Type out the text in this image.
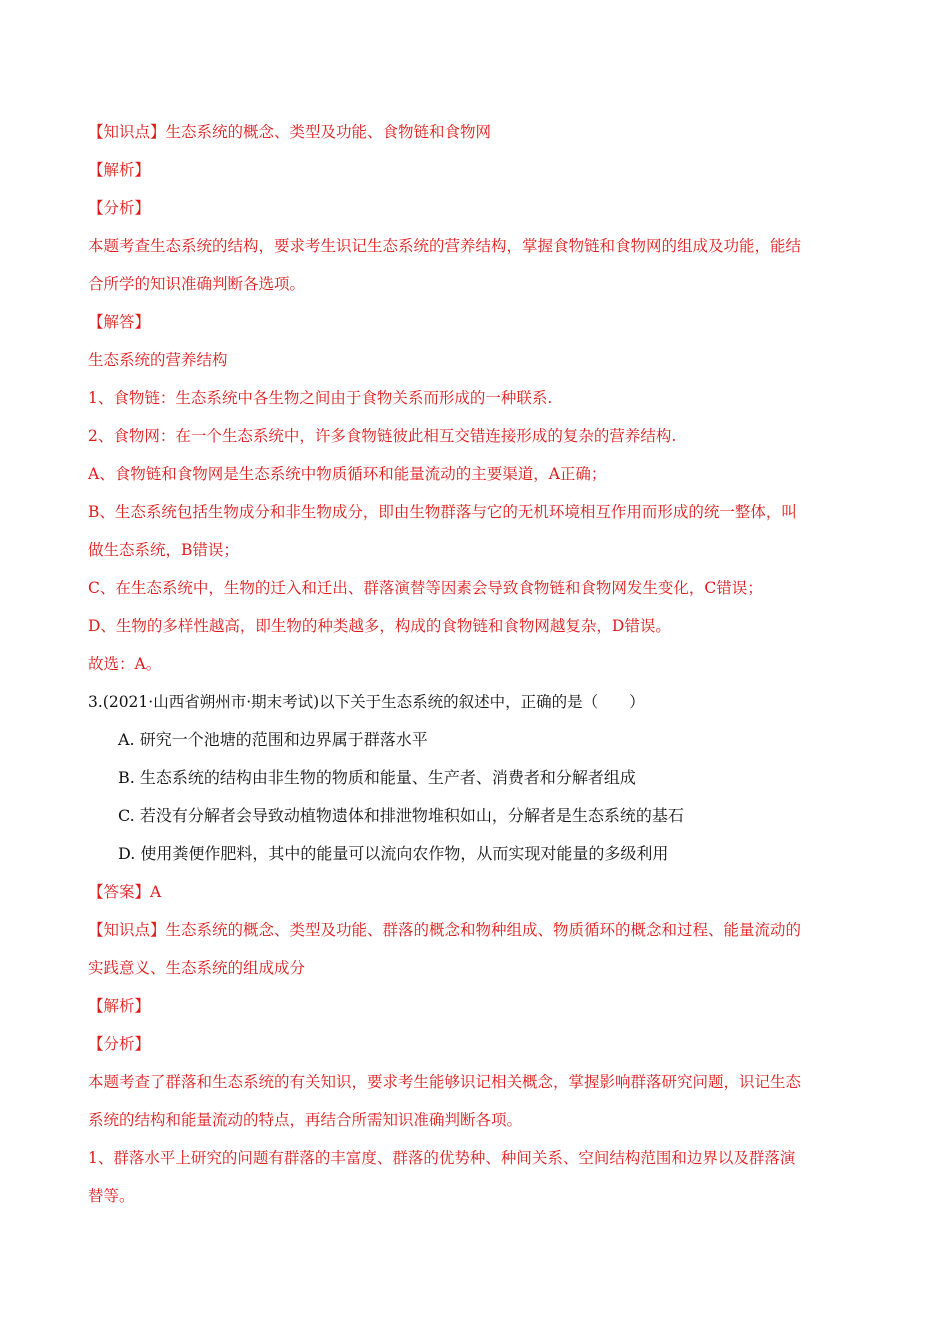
【知识点】生态系统的概念、类型及功能、食物链和食物网

【解析】

【分析】

本题考查生态系统的结构，要求考生识记生态系统的营养结构，掌握食物链和食物网的组成及功能，能结

合所学的知识准确判断各选项。

【解答】

生态系统的营养结构

1、食物链：生态系统中各生物之间由于食物关系而形成的一种联系.

2、食物网：在一个生态系统中，许多食物链彼此相互交错连接形成的复杂的营养结构.

A、食物链和食物网是生态系统中物质循环和能量流动的主要渠道，A正确；

B、生态系统包括生物成分和非生物成分，即由生物群落与它的无机环境相互作用而形成的统一整体，叫

做生态系统，B错误；

C、在生态系统中，生物的迁入和迁出、群落演替等因素会导致食物链和食物网发生变化，C错误；

D、生物的多样性越高，即生物的种类越多，构成的食物链和食物网越复杂，D错误。

故选：A。

3.(2021·山西省朔州市·期末考试)以下关于生态系统的叙述中，正确的是（　　）

A. 研究一个池塘的范围和边界属于群落水平

B. 生态系统的结构由非生物的物质和能量、生产者、消费者和分解者组成

C. 若没有分解者会导致动植物遗体和排泄物堆积如山，分解者是生态系统的基石

D. 使用粪便作肥料，其中的能量可以流向农作物，从而实现对能量的多级利用

【答案】A

【知识点】生态系统的概念、类型及功能、群落的概念和物种组成、物质循环的概念和过程、能量流动的

实践意义、生态系统的组成成分

【解析】

【分析】

本题考查了群落和生态系统的有关知识，要求考生能够识记相关概念，掌握影响群落研究问题，识记生态

系统的结构和能量流动的特点，再结合所需知识准确判断各项。

1、群落水平上研究的问题有群落的丰富度、群落的优势种、种间关系、空间结构范围和边界以及群落演

替等。
